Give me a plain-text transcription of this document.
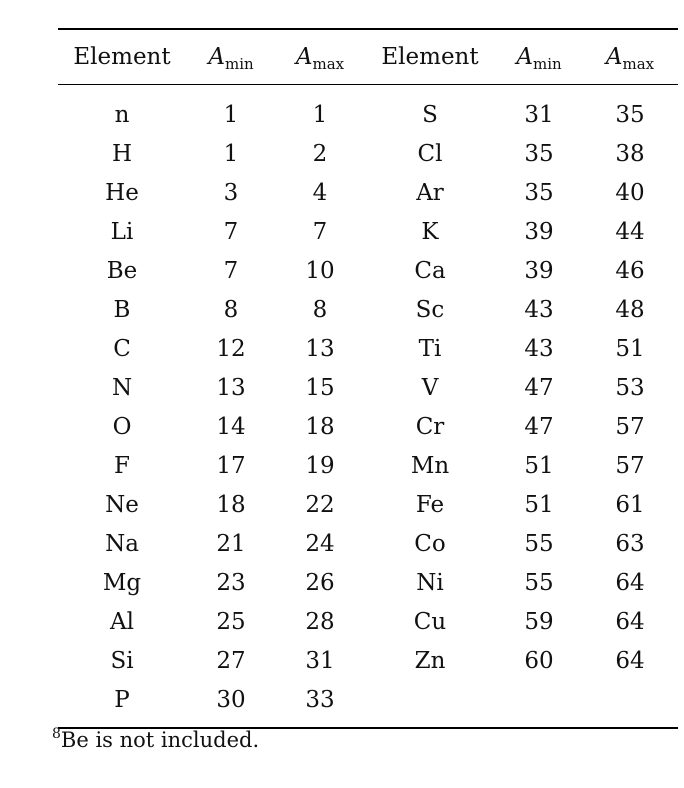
Element	$A_{min}$	$A_{max}$	Element	$A_{min}$	$A_{max}$

n	1	1	S	31	35
H	1	2	Cl	35	38
He	3	4	Ar	35	40
Li	7	7	K	39	44
Be	7	10	Ca	39	46
B	8	8	Sc	43	48
C	12	13	Ti	43	51
N	13	15	V	47	53
O	14	18	Cr	47	57
F	17	19	Mn	51	57
Ne	18	22	Fe	51	61
Na	21	24	Co	55	63
Mg	23	26	Ni	55	64
Al	25	28	Cu	59	64
Si	27	31	Zn	60	64
P	30	33			
$^8$Be is not included.
